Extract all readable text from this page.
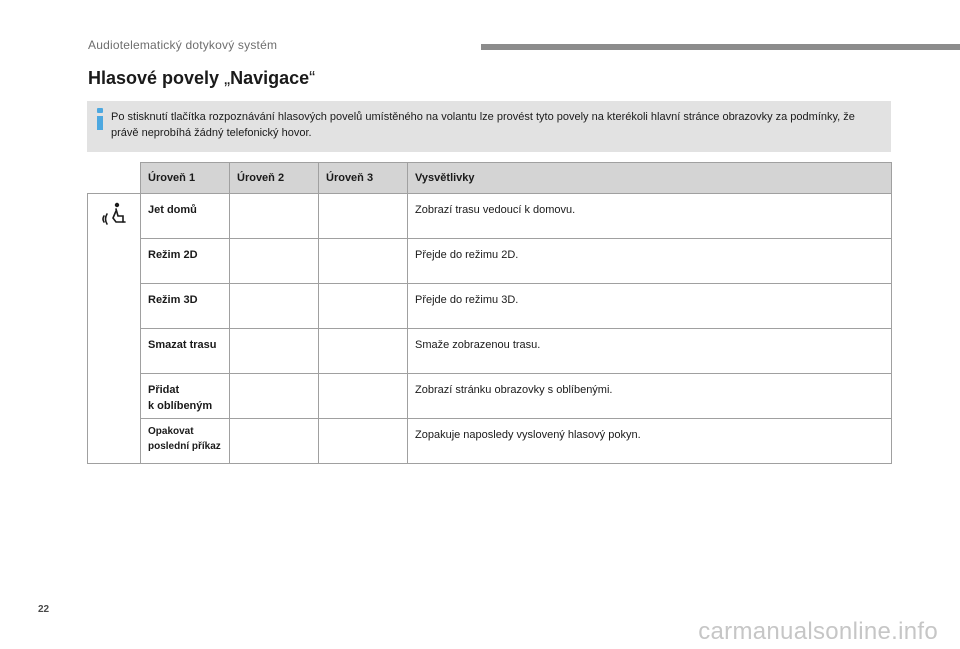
Audiotelematický dotykový systém
Hlasové povely „Navigace“
Po stisknutí tlačítka rozpoznávání hlasových povelů umístěného na volantu lze provést tyto povely na kterékoli hlavní stránce obrazovky za podmínky, že právě neprobíhá žádný telefonický hovor.
	Úroveň 1	Úroveň 2	Úroveň 3	Vysvětlivky
	Jet domů			Zobrazí trasu vedoucí k domovu.
	Režim 2D			Přejde do režimu 2D.
	Režim 3D			Přejde do režimu 3D.
	Smazat trasu			Smaže zobrazenou trasu.
	Přidat
k oblíbeným			Zobrazí stránku obrazovky s oblíbenými.
	Opakovat
poslední příkaz			Zopakuje naposledy vyslovený hlasový pokyn.
22
carmanualsonline.info
